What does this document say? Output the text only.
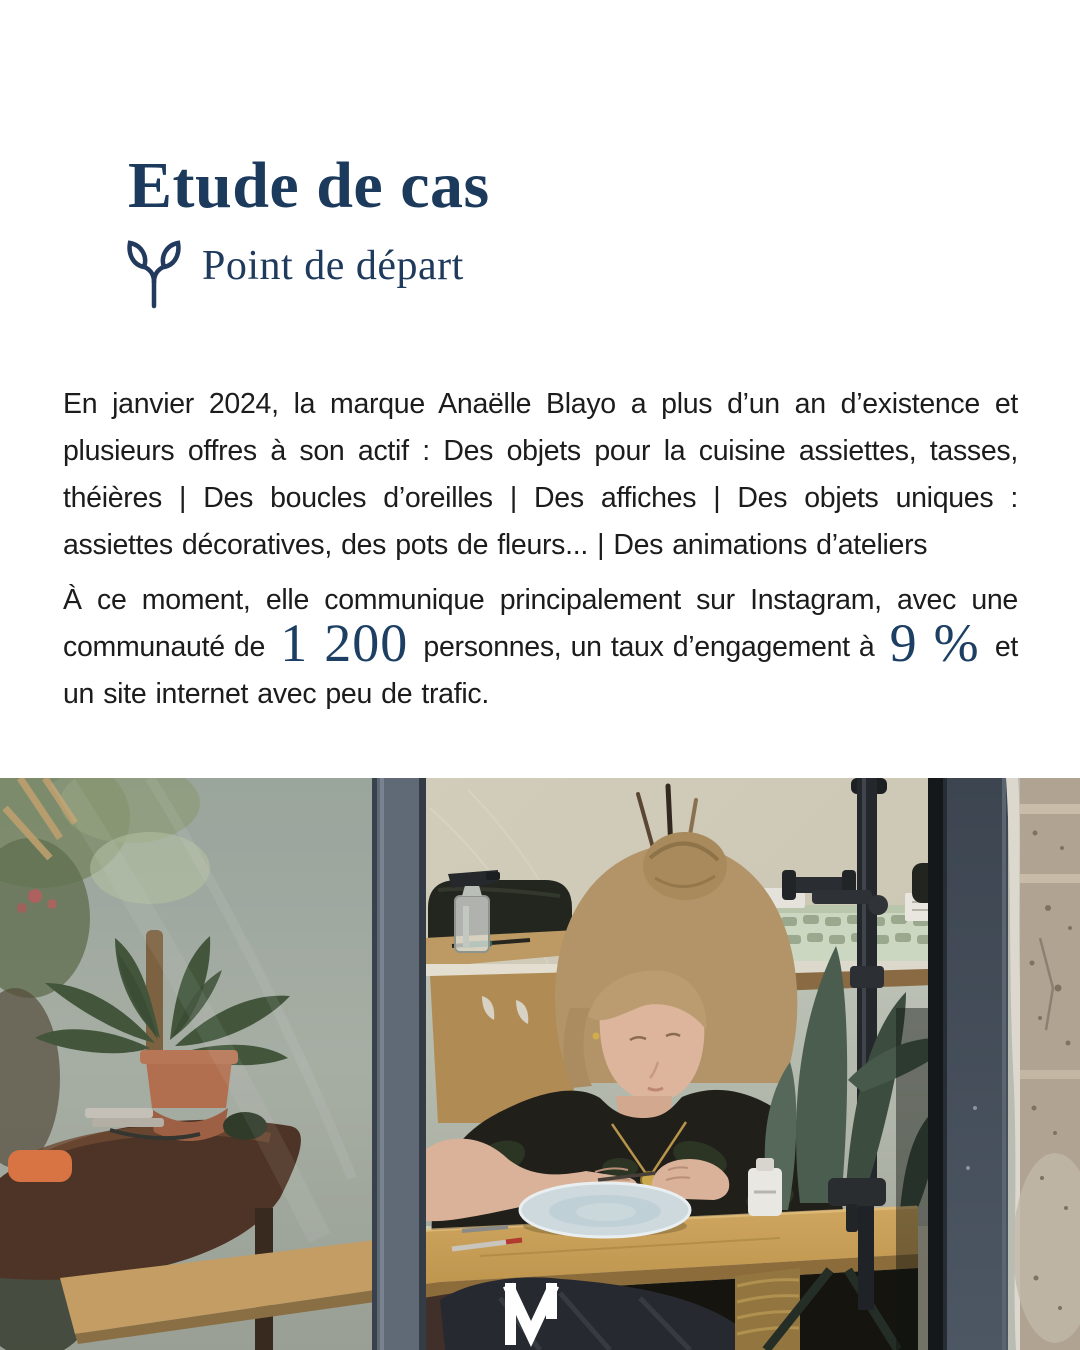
Etude de cas
Point de départ

En janvier 2024, la marque Anaëlle Blayo a plus d’un an d’existence et plusieurs offres à son actif : Des objets pour la cuisine assiettes, tasses, théières | Des boucles d’oreilles | Des affiches | Des objets uniques : assiettes décoratives, des pots de fleurs... | Des animations d’ateliers

À ce moment, elle communique principalement sur Instagram, avec une communauté de 1 200 personnes, un taux d’engagement à 9 % et un site internet avec peu de trafic.
